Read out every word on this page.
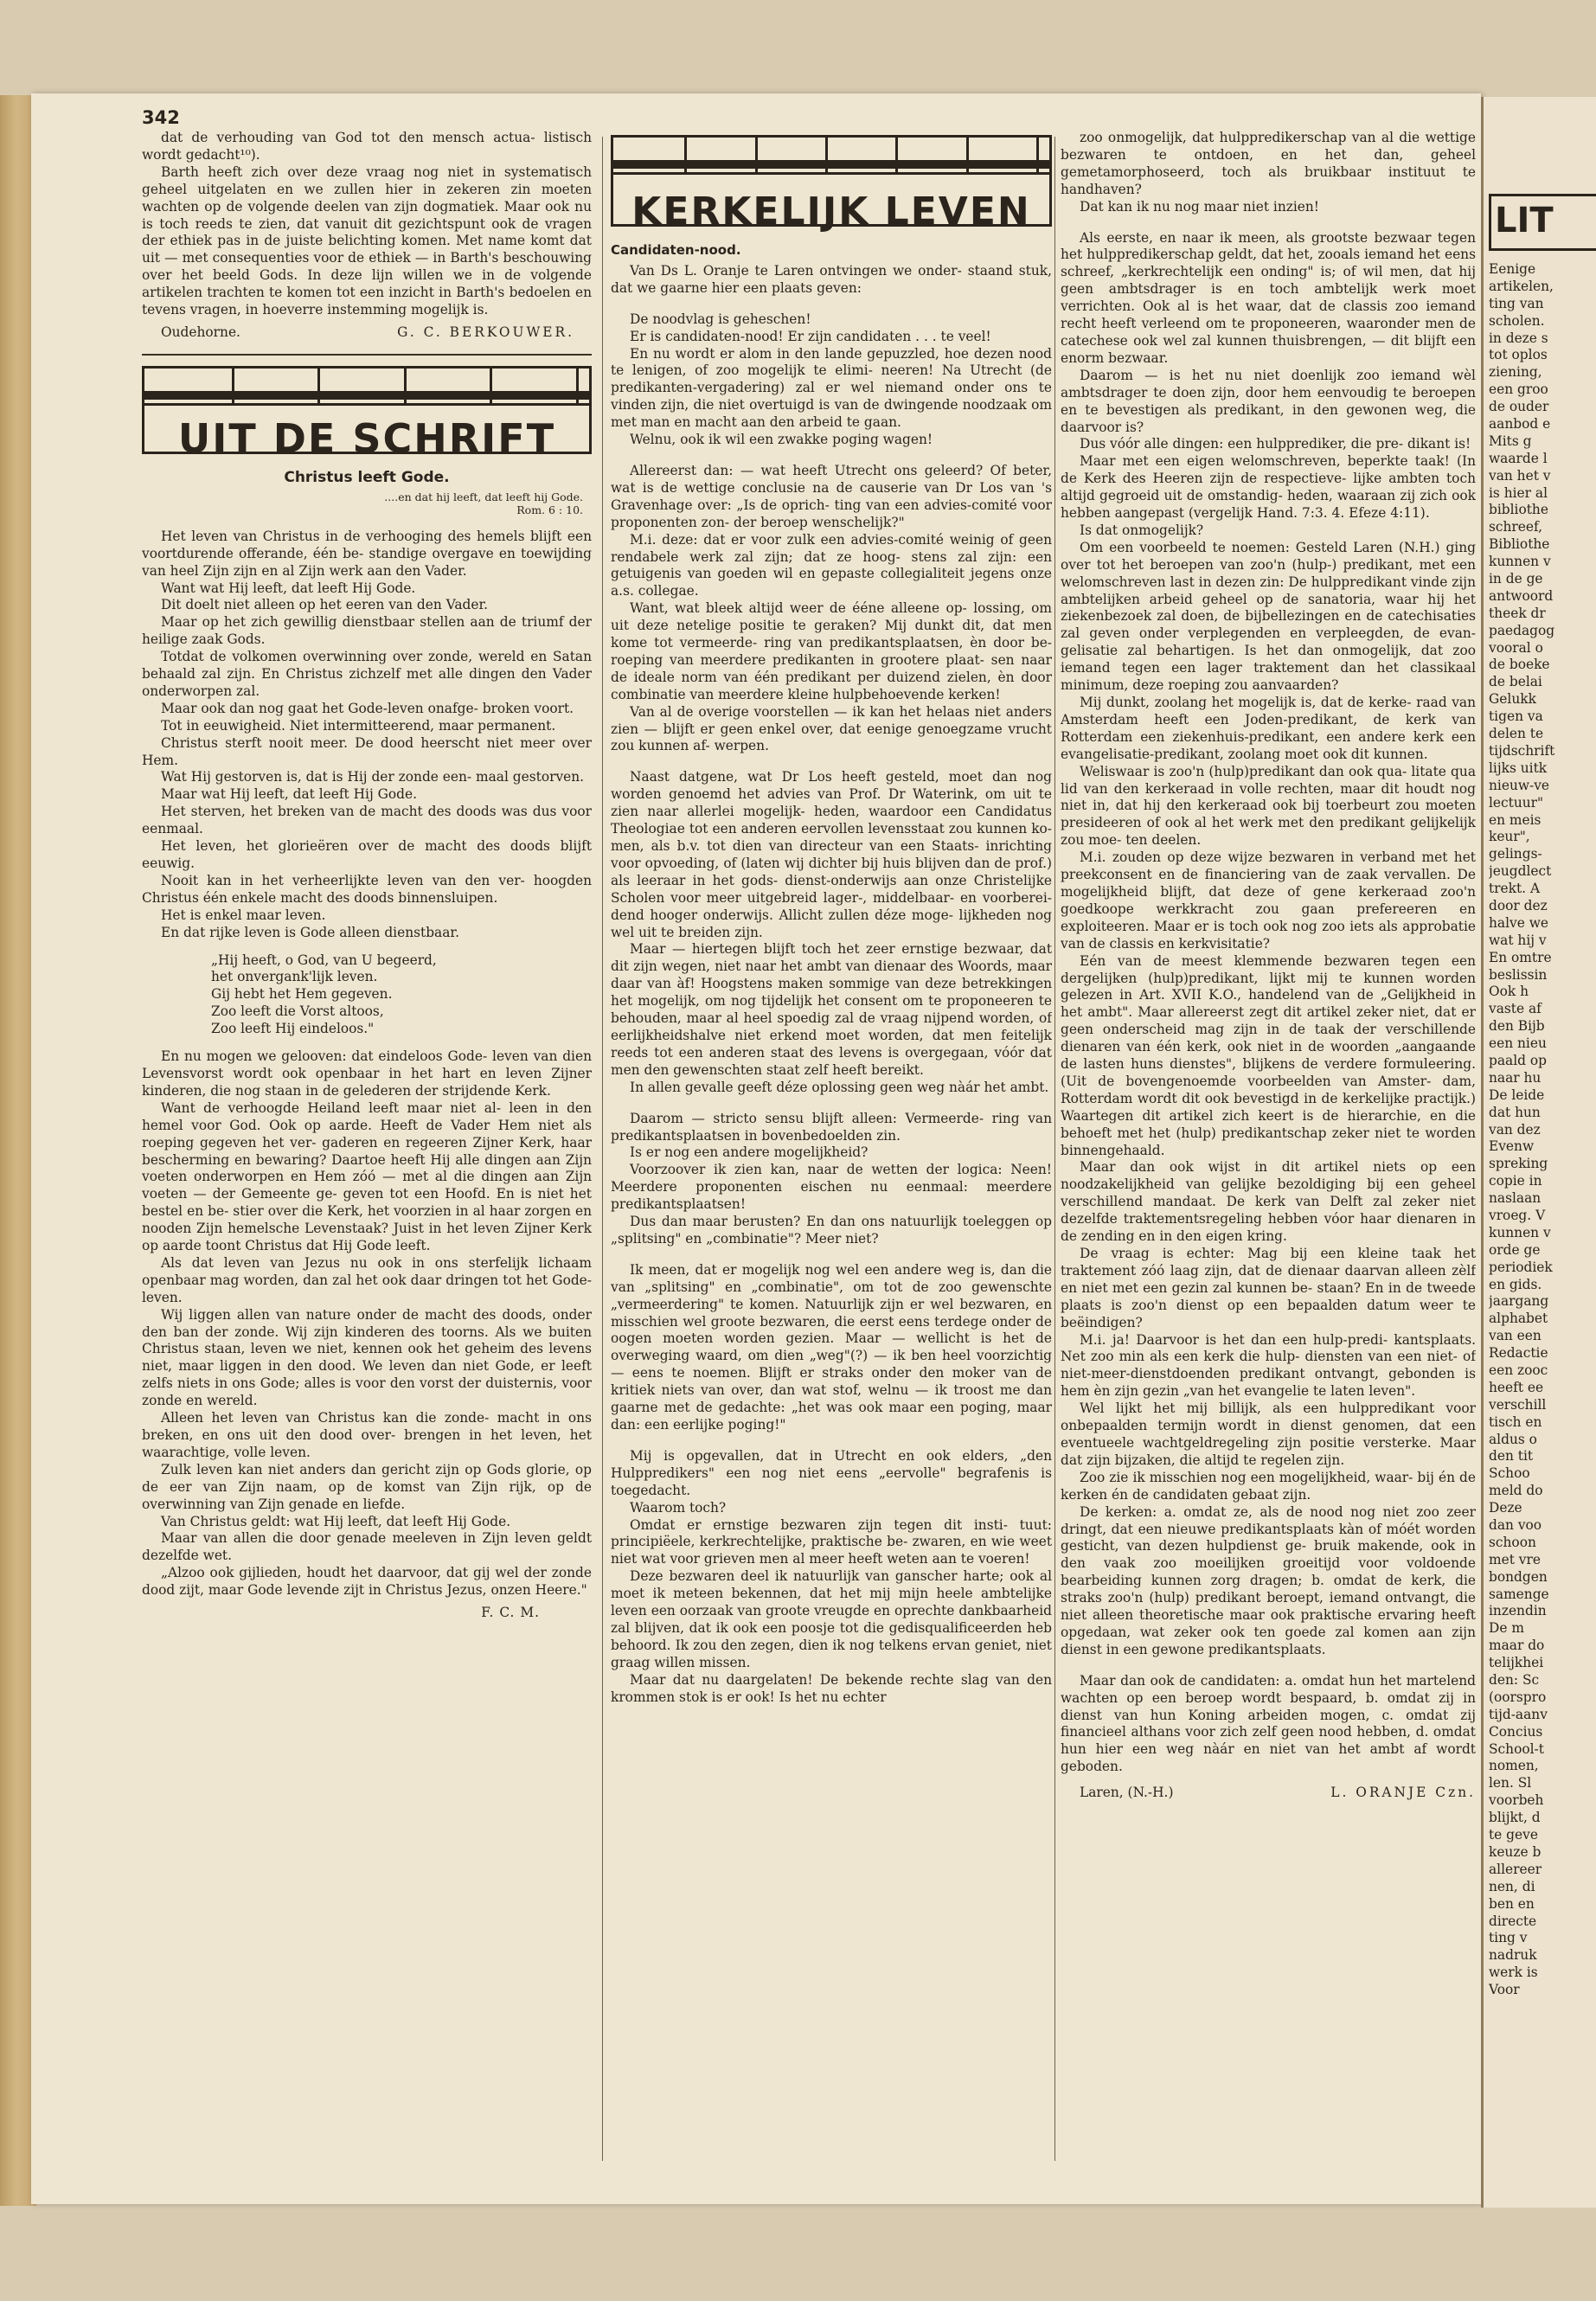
342

dat de verhouding van God tot den mensch actua- listisch wordt gedacht¹⁰).

Barth heeft zich over deze vraag nog niet in systematisch geheel uitgelaten en we zullen hier in zekeren zin moeten wachten op de volgende deelen van zijn dogmatiek. Maar ook nu is toch reeds te zien, dat vanuit dit gezichtspunt ook de vragen der ethiek pas in de juiste belichting komen. Met name komt dat uit — met consequenties voor de ethiek — in Barth's beschouwing over het beeld Gods. In deze lijn willen we in de volgende artikelen trachten te komen tot een inzicht in Barth's bedoelen en tevens vragen, in hoeverre instemming mogelijk is.

Oudehorne.	G. C. BERKOUWER.
UIT DE SCHRIFT
Christus leeft Gode.
....en dat hij leeft, dat leeft hij Gode.
Rom. 6 : 10.

Het leven van Christus in de verhooging des hemels blijft een voortdurende offerande, één be- standige overgave en toewijding van heel Zijn zijn en al Zijn werk aan den Vader.

Want wat Hij leeft, dat leeft Hij Gode.

Dit doelt niet alleen op het eeren van den Vader.

Maar op het zich gewillig dienstbaar stellen aan de triumf der heilige zaak Gods.

Totdat de volkomen overwinning over zonde, wereld en Satan behaald zal zijn. En Christus zichzelf met alle dingen den Vader onderworpen zal.

Maar ook dan nog gaat het Gode-leven onafge- broken voort.

Tot in eeuwigheid. Niet intermitteerend, maar permanent.

Christus sterft nooit meer. De dood heerscht niet meer over Hem.

Wat Hij gestorven is, dat is Hij der zonde een- maal gestorven.

Maar wat Hij leeft, dat leeft Hij Gode.

Het sterven, het breken van de macht des doods was dus voor eenmaal.

Het leven, het glorieëren over de macht des doods blijft eeuwig.

Nooit kan in het verheerlijkte leven van den ver- hoogden Christus één enkele macht des doods binnensluipen.

Het is enkel maar leven.

En dat rijke leven is Gode alleen dienstbaar.

„Hij heeft, o God, van U begeerd,
het onvergank'lijk leven.
Gij hebt het Hem gegeven.
Zoo leeft die Vorst altoos,
Zoo leeft Hij eindeloos."

En nu mogen we gelooven: dat eindeloos Gode- leven van dien Levensvorst wordt ook openbaar in het hart en leven Zijner kinderen, die nog staan in de gelederen der strijdende Kerk.

Want de verhoogde Heiland leeft maar niet al- leen in den hemel voor God. Ook op aarde. Heeft de Vader Hem niet als roeping gegeven het ver- gaderen en regeeren Zijner Kerk, haar bescherming en bewaring? Daartoe heeft Hij alle dingen aan Zijn voeten onderworpen en Hem zóó — met al die dingen aan Zijn voeten — der Gemeente ge- geven tot een Hoofd. En is niet het bestel en be- stier over die Kerk, het voorzien in al haar zorgen en nooden Zijn hemelsche Levenstaak? Juist in het leven Zijner Kerk op aarde toont Christus dat Hij Gode leeft.

Als dat leven van Jezus nu ook in ons sterfelijk lichaam openbaar mag worden, dan zal het ook daar dringen tot het Gode-leven.

Wij liggen allen van nature onder de macht des doods, onder den ban der zonde. Wij zijn kinderen des toorns. Als we buiten Christus staan, leven we niet, kennen ook het geheim des levens niet, maar liggen in den dood. We leven dan niet Gode, er leeft zelfs niets in ons Gode; alles is voor den vorst der duisternis, voor zonde en wereld.

Alleen het leven van Christus kan die zonde- macht in ons breken, en ons uit den dood over- brengen in het leven, het waarachtige, volle leven.

Zulk leven kan niet anders dan gericht zijn op Gods glorie, op de eer van Zijn naam, op de komst van Zijn rijk, op de overwinning van Zijn genade en liefde.

Van Christus geldt: wat Hij leeft, dat leeft Hij Gode.

Maar van allen die door genade meeleven in Zijn leven geldt dezelfde wet.

„Alzoo ook gijlieden, houdt het daarvoor, dat gij wel der zonde dood zijt, maar Gode levende zijt in Christus Jezus, onzen Heere."

F. C. M.
KERKELIJK LEVEN
Candidaten-nood.

Van Ds L. Oranje te Laren ontvingen we onder- staand stuk, dat we gaarne hier een plaats geven:

De noodvlag is geheschen!

Er is candidaten-nood! Er zijn candidaten . . . te veel!

En nu wordt er alom in den lande gepuzzled, hoe dezen nood te lenigen, of zoo mogelijk te elimi- neeren! Na Utrecht (de predikanten-vergadering) zal er wel niemand onder ons te vinden zijn, die niet overtuigd is van de dwingende noodzaak om met man en macht aan den arbeid te gaan.

Welnu, ook ik wil een zwakke poging wagen!

Allereerst dan: — wat heeft Utrecht ons geleerd? Of beter, wat is de wettige conclusie na de causerie van Dr Los van 's Gravenhage over: „Is de oprich- ting van een advies-comité voor proponenten zon- der beroep wenschelijk?"

M.i. deze: dat er voor zulk een advies-comité weinig of geen rendabele werk zal zijn; dat ze hoog- stens zal zijn: een getuigenis van goeden wil en gepaste collegialiteit jegens onze a.s. collegae.

Want, wat bleek altijd weer de ééne alleene op- lossing, om uit deze netelige positie te geraken? Mij dunkt dit, dat men kome tot vermeerde- ring van predikantsplaatsen, èn door be- roeping van meerdere predikanten in grootere plaat- sen naar de ideale norm van één predikant per duizend zielen, èn door combinatie van meerdere kleine hulpbehoevende kerken!

Van al de overige voorstellen — ik kan het helaas niet anders zien — blijft er geen enkel over, dat eenige genoegzame vrucht zou kunnen af- werpen.

Naast datgene, wat Dr Los heeft gesteld, moet dan nog worden genoemd het advies van Prof. Dr Waterink, om uit te zien naar allerlei mogelijk- heden, waardoor een Candidatus Theologiae tot een anderen eervollen levensstaat zou kunnen ko- men, als b.v. tot dien van directeur van een Staats- inrichting voor opvoeding, of (laten wij dichter bij huis blijven dan de prof.) als leeraar in het gods- dienst-onderwijs aan onze Christelijke Scholen voor meer uitgebreid lager-, middelbaar- en voorberei- dend hooger onderwijs. Allicht zullen déze moge- lijkheden nog wel uit te breiden zijn.

Maar — hiertegen blijft toch het zeer ernstige bezwaar, dat dit zijn wegen, niet naar het ambt van dienaar des Woords, maar daar van àf! Hoogstens maken sommige van deze betrekkingen het mogelijk, om nog tijdelijk het consent om te proponeeren te behouden, maar al heel spoedig zal de vraag nijpend worden, of eerlijkheidshalve niet erkend moet worden, dat men feitelijk reeds tot een anderen staat des levens is overgegaan, vóór dat men den gewenschten staat zelf heeft bereikt.

In allen gevalle geeft déze oplossing geen weg nàár het ambt.

Daarom — stricto sensu blijft alleen: Vermeerde- ring van predikantsplaatsen in bovenbedoelden zin.

Is er nog een andere mogelijkheid?

Voorzoover ik zien kan, naar de wetten der logica: Neen! Meerdere proponenten eischen nu eenmaal: meerdere predikantsplaatsen!

Dus dan maar berusten? En dan ons natuurlijk toeleggen op „splitsing" en „combinatie"? Meer niet?

Ik meen, dat er mogelijk nog wel een andere weg is, dan die van „splitsing" en „combinatie", om tot de zoo gewenschte „vermeerdering" te komen. Natuurlijk zijn er wel bezwaren, en misschien wel groote bezwaren, die eerst eens terdege onder de oogen moeten worden gezien. Maar — wellicht is het de overweging waard, om dien „weg"(?) — ik ben heel voorzichtig — eens te noemen. Blijft er straks onder den moker van de kritiek niets van over, dan wat stof, welnu — ik troost me dan gaarne met de gedachte: „het was ook maar een poging, maar dan: een eerlijke poging!"

Mij is opgevallen, dat in Utrecht en ook elders, „den Hulppredikers" een nog niet eens „eervolle" begrafenis is toegedacht.

Waarom toch?

Omdat er ernstige bezwaren zijn tegen dit insti- tuut: principiëele, kerkrechtelijke, praktische be- zwaren, en wie weet niet wat voor grieven men al meer heeft weten aan te voeren!

Deze bezwaren deel ik natuurlijk van ganscher harte; ook al moet ik meteen bekennen, dat het mij mijn heele ambtelijke leven een oorzaak van groote vreugde en oprechte dankbaarheid zal blijven, dat ik ook een poosje tot die gedisqualificeerden heb behoord. Ik zou den zegen, dien ik nog telkens ervan geniet, niet graag willen missen.

Maar dat nu daargelaten! De bekende rechte slag van den krommen stok is er ook! Is het nu echter

zoo onmogelijk, dat hulppredikerschap van al die wettige bezwaren te ontdoen, en het dan, geheel gemetamorphoseerd, toch als bruikbaar instituut te handhaven?

Dat kan ik nu nog maar niet inzien!

Als eerste, en naar ik meen, als grootste bezwaar tegen het hulppredikerschap geldt, dat het, zooals iemand het eens schreef, „kerkrechtelijk een onding" is; of wil men, dat hij geen ambtsdrager is en toch ambtelijk werk moet verrichten. Ook al is het waar, dat de classis zoo iemand recht heeft verleend om te proponeeren, waaronder men de catechese ook wel zal kunnen thuisbrengen, — dit blijft een enorm bezwaar.

Daarom — is het nu niet doenlijk zoo iemand wèl ambtsdrager te doen zijn, door hem eenvoudig te beroepen en te bevestigen als predikant, in den gewonen weg, die daarvoor is?

Dus vóór alle dingen: een hulpprediker, die pre- dikant is!

Maar met een eigen welomschreven, beperkte taak! (In de Kerk des Heeren zijn de respectieve- lijke ambten toch altijd gegroeid uit de omstandig- heden, waaraan zij zich ook hebben aangepast (vergelijk Hand. 7:3. 4. Efeze 4:11).

Is dat onmogelijk?

Om een voorbeeld te noemen: Gesteld Laren (N.H.) ging over tot het beroepen van zoo'n (hulp-) predikant, met een welomschreven last in dezen zin: De hulppredikant vinde zijn ambtelijken arbeid geheel op de sanatoria, waar hij het ziekenbezoek zal doen, de bijbellezingen en de catechisaties zal geven onder verplegenden en verpleegden, de evan- gelisatie zal behartigen. Is het dan onmogelijk, dat zoo iemand tegen een lager traktement dan het classikaal minimum, deze roeping zou aanvaarden?

Mij dunkt, zoolang het mogelijk is, dat de kerke- raad van Amsterdam heeft een Joden-predikant, de kerk van Rotterdam een ziekenhuis-predikant, een andere kerk een evangelisatie-predikant, zoolang moet ook dit kunnen.

Weliswaar is zoo'n (hulp)predikant dan ook qua- litate qua lid van den kerkeraad in volle rechten, maar dit houdt nog niet in, dat hij den kerkeraad ook bij toerbeurt zou moeten presideeren of ook al het werk met den predikant gelijkelijk zou moe- ten deelen.

M.i. zouden op deze wijze bezwaren in verband met het preekconsent en de financiering van de zaak vervallen. De mogelijkheid blijft, dat deze of gene kerkeraad zoo'n goedkoope werkkracht zou gaan prefereeren en exploiteeren. Maar er is toch ook nog zoo iets als approbatie van de classis en kerkvisitatie?

Eén van de meest klemmende bezwaren tegen een dergelijken (hulp)predikant, lijkt mij te kunnen worden gelezen in Art. XVII K.O., handelend van de „Gelijkheid in het ambt". Maar allereerst zegt dit artikel zeker niet, dat er geen onderscheid mag zijn in de taak der verschillende dienaren van één kerk, ook niet in de woorden „aangaande de lasten huns dienstes", blijkens de verdere formuleering. (Uit de bovengenoemde voorbeelden van Amster- dam, Rotterdam wordt dit ook bevestigd in de kerkelijke practijk.) Waartegen dit artikel zich keert is de hierarchie, en die behoeft met het (hulp) predikantschap zeker niet te worden binnengehaald.

Maar dan ook wijst in dit artikel niets op een noodzakelijkheid van gelijke bezoldiging bij een geheel verschillend mandaat. De kerk van Delft zal zeker niet dezelfde traktementsregeling hebben vóor haar dienaren in de zending en in den eigen kring.

De vraag is echter: Mag bij een kleine taak het traktement zóó laag zijn, dat de dienaar daarvan alleen zèlf en niet met een gezin zal kunnen be- staan? En in de tweede plaats is zoo'n dienst op een bepaalden datum weer te beëindigen?

M.i. ja! Daarvoor is het dan een hulp-predi- kantsplaats. Net zoo min als een kerk die hulp- diensten van een niet- of niet-meer-dienstdoenden predikant ontvangt, gebonden is hem èn zijn gezin „van het evangelie te laten leven".

Wel lijkt het mij billijk, als een hulppredikant voor onbepaalden termijn wordt in dienst genomen, dat een eventueele wachtgeldregeling zijn positie versterke. Maar dat zijn bijzaken, die altijd te regelen zijn.

Zoo zie ik misschien nog een mogelijkheid, waar- bij én de kerken én de candidaten gebaat zijn.

De kerken: a. omdat ze, als de nood nog niet zoo zeer dringt, dat een nieuwe predikantsplaats kàn of móét worden gesticht, van dezen hulpdienst ge- bruik makende, ook in den vaak zoo moeilijken groeitijd voor voldoende bearbeiding kunnen zorg dragen; b. omdat de kerk, die straks zoo'n (hulp) predikant beroept, iemand ontvangt, die niet alleen theoretische maar ook praktische ervaring heeft opgedaan, wat zeker ook ten goede zal komen aan zijn dienst in een gewone predikantsplaats.

Maar dan ook de candidaten: a. omdat hun het martelend wachten op een beroep wordt bespaard, b. omdat zij in dienst van hun Koning arbeiden mogen, c. omdat zij financieel althans voor zich zelf geen nood hebben, d. omdat hun hier een weg nàár en niet van het ambt af wordt geboden.

Laren, (N.-H.)	L. ORANJE Czn.
LIT
Eenige
artikelen,
ting van
scholen.
in deze s
tot oplos
ziening,
een groo
de ouder
aanbod e
Mits g
waarde l
van het v
is hier al
bibliothe
schreef,
Bibliothe
kunnen v
in de ge
antwoord
theek dr
paedagog
vooral o
de boeke
de belai
Gelukk
tigen va
delen te
tijdschrift
lijks uitk
nieuw-ve
lectuur"
en meis
keur",
gelings-
jeugdlect
trekt. A
door dez
halve we
wat hij v
En omtre
beslissin
Ook h
vaste af
den Bijb
een nieu
paald op
naar hu
De leide
dat hun
van dez
Evenw
spreking
copie in
naslaan
vroeg. V
kunnen v
orde ge
periodiek
en gids.
jaargang
alphabet
van een
Redactie
een zooc
heeft ee
verschill
tisch en
aldus o
den tit
Schoo
meld do
Deze
dan voo
schoon
met vre
bondgen
samenge
inzendin
De m
maar do
telijkhei
den: Sc
(oorspro
tijd-aanv
Concius
School-t
nomen,
len. Sl
voorbeh
blijkt, d
te geve
keuze b
allereer
nen, di
ben en
directe
ting v
nadruk
werk is
Voor
